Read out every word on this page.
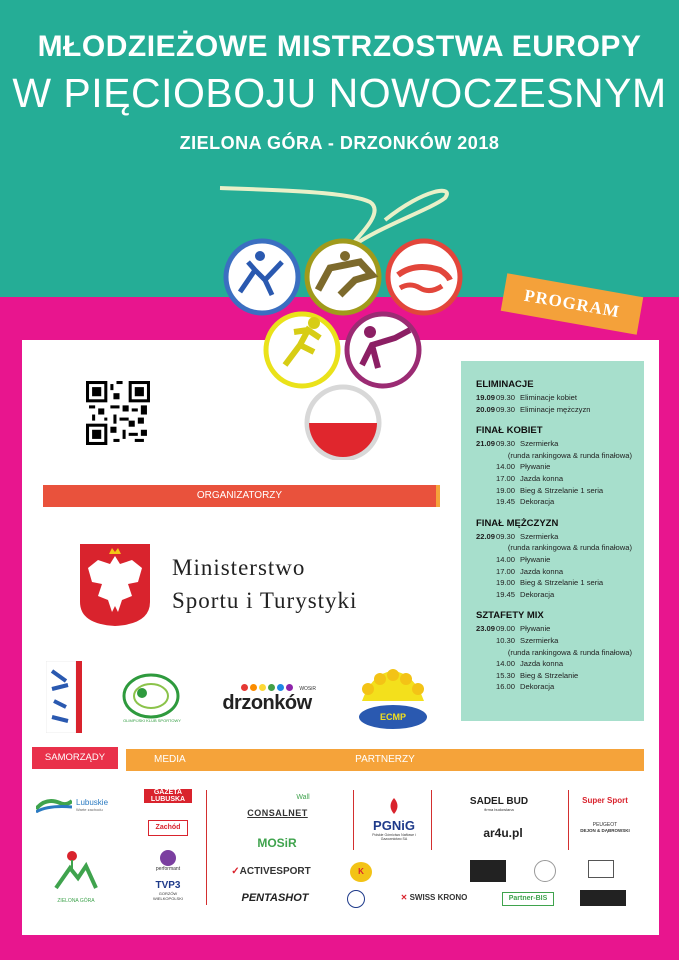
MŁODZIEŻOWE MISTRZOSTWA EUROPY
W PIĘCIOBOJU NOWOCZESNYM
ZIELONA GÓRA - DRZONKÓW 2018
PROGRAM
ELIMINACJE
19.09 09.30 Eliminacje kobiet
20.09 09.30 Eliminacje mężczyzn
FINAŁ KOBIET
21.09 09.30 Szermierka
(runda rankingowa & runda finałowa)
14.00 Pływanie
17.00 Jazda konna
19.00 Bieg & Strzelanie 1 seria
19.45 Dekoracja
FINAŁ MĘŻCZYZN
22.09 09.30 Szermierka
(runda rankingowa & runda finałowa)
14.00 Pływanie
17.00 Jazda konna
19.00 Bieg & Strzelanie 1 seria
19.45 Dekoracja
SZTAFETY MIX
23.09 09.00 Pływanie
10.30 Szermierka
(runda rankingowa & runda finałowa)
14.00 Jazda konna
15.30 Bieg & Strzelanie
16.00 Dekoracja
ORGANIZATORZY
Ministerstwo
Sportu i Turystyki
OLIMPIJSKI KLUB SPORTOWY
drzonków
WOSiR
ECMP
SAMORZĄDY	MEDIA	PARTNERZY
Lubuskie
Warte zachodu
ZIELONA GÓRA
GAZETA LUBUSKA
Zachód
performant
TVP3
GORZÓW WIELKOPOLSKI
CONSALNET
Wall
MOSiR
✓ACTIVESPORT
PENTASHOT
PGNiG
Polskie Górnictwo Naftowe i Gazownictwo SA
K
✕ SWISS KRONO
SADEL BUD
firma budowlana
ar4u.pl
Partner-BIS
Super Sport
PEUGEOT
DEJON & DĄBROWSKI
